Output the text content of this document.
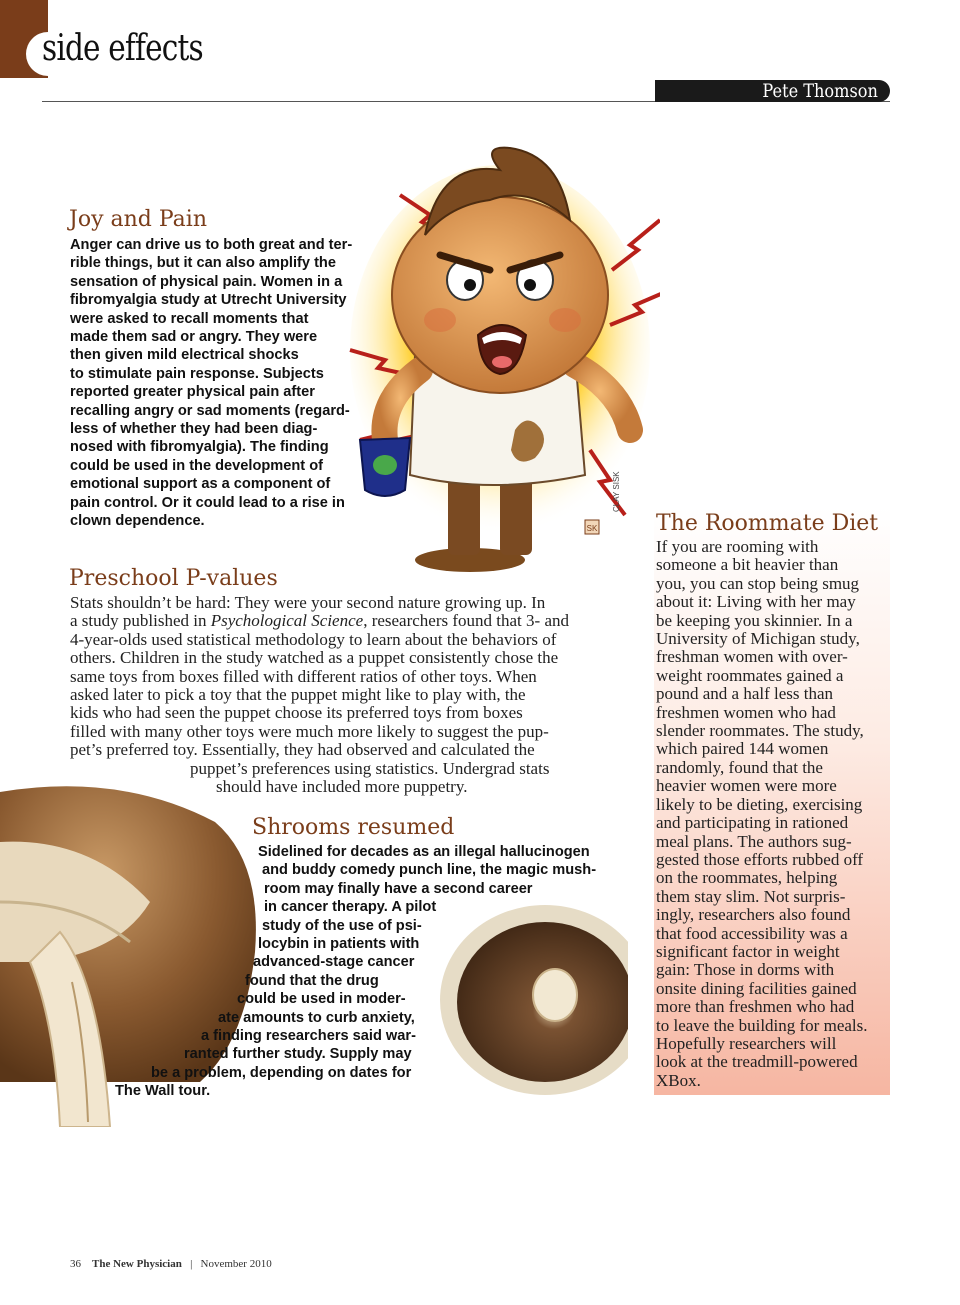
side effects
Pete Thomson
SK
CLAY SISK
Joy and Pain
Anger can drive us to both great and ter-
rible things, but it can also amplify the
sensation of physical pain. Women in a
fibromyalgia study at Utrecht University
were asked to recall moments that
made them sad or angry. They were
then given mild electrical shocks
to stimulate pain response. Subjects
reported greater physical pain after
recalling angry or sad moments (regard-
less of whether they had been diag-
nosed with fibromyalgia). The finding
could be used in the development of
emotional support as a component of
pain control. Or it could lead to a rise in
clown dependence.
Preschool P-values
Stats shouldn’t be hard: They were your second nature growing up. In
a study published in Psychological Science, researchers found that 3- and
4-year-olds used statistical methodology to learn about the behaviors of
others. Children in the study watched as a puppet consistently chose the
same toys from boxes filled with different ratios of other toys. When
asked later to pick a toy that the puppet might like to play with, the
kids who had seen the puppet choose its preferred toys from boxes
filled with many other toys were much more likely to suggest the pup-
pet’s preferred toy. Essentially, they had observed and calculated the
puppet’s preferences using statistics. Undergrad stats
should have included more puppetry.
Shrooms resumed
Sidelined for decades as an illegal hallucinogen
and buddy comedy punch line, the magic mush-
room may finally have a second career
in cancer therapy. A pilot
study of the use of psi-
locybin in patients with
advanced-stage cancer
found that the drug
could be used in moder-
ate amounts to curb anxiety,
a finding researchers said war-
ranted further study. Supply may
be a problem, depending on dates for
The Wall tour.
The Roommate Diet
If you are rooming with
someone a bit heavier than
you, you can stop being smug
about it: Living with her may
be keeping you skinnier. In a
University of Michigan study,
freshman women with over-
weight roommates gained a
pound and a half less than
freshmen women who had
slender roommates. The study,
which paired 144 women
randomly, found that the
heavier women were more
likely to be dieting, exercising
and participating in rationed
meal plans. The authors sug-
gested those efforts rubbed off
on the roommates, helping
them stay slim. Not surpris-
ingly, researchers also found
that food accessibility was a
significant factor in weight
gain: Those in dorms with
onsite dining facilities gained
more than freshmen who had
to leave the building for meals.
Hopefully researchers will
look at the treadmill-powered
XBox.
36 The New Physician | November 2010
